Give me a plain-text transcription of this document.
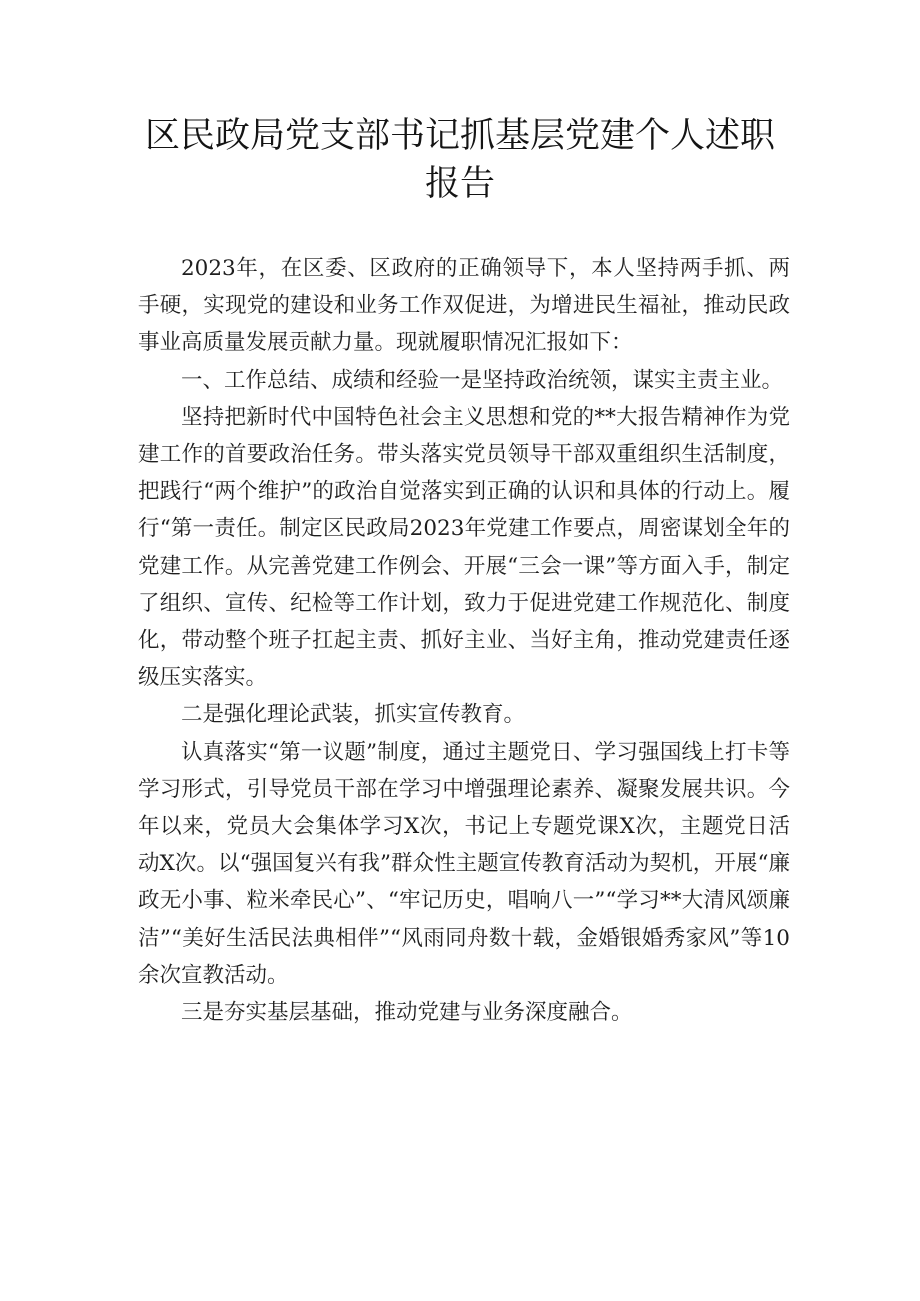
区民政局党支部书记抓基层党建个人述职
报告

2023年，在区委、区政府的正确领导下，本人坚持两手抓、两手硬，实现党的建设和业务工作双促进，为增进民生福祉，推动民政事业高质量发展贡献力量。现就履职情况汇报如下：

一、工作总结、成绩和经验一是坚持政治统领，谋实主责主业。

坚持把新时代中国特色社会主义思想和党的**大报告精神作为党建工作的首要政治任务。带头落实党员领导干部双重组织生活制度，把践行“两个维护”的政治自觉落实到正确的认识和具体的行动上。履行“第一责任。制定区民政局2023年党建工作要点，周密谋划全年的党建工作。从完善党建工作例会、开展“三会一课”等方面入手，制定了组织、宣传、纪检等工作计划，致力于促进党建工作规范化、制度化，带动整个班子扛起主责、抓好主业、当好主角，推动党建责任逐级压实落实。

二是强化理论武装，抓实宣传教育。

认真落实“第一议题”制度，通过主题党日、学习强国线上打卡等学习形式，引导党员干部在学习中增强理论素养、凝聚发展共识。今年以来，党员大会集体学习X次，书记上专题党课X次，主题党日活动X次。以“强国复兴有我”群众性主题宣传教育活动为契机，开展“廉政无小事、粒米牵民心”、“牢记历史，唱响八一”“学习**大清风颂廉洁”“美好生活民法典相伴”“风雨同舟数十载，金婚银婚秀家风”等10余次宣教活动。

三是夯实基层基础，推动党建与业务深度融合。
